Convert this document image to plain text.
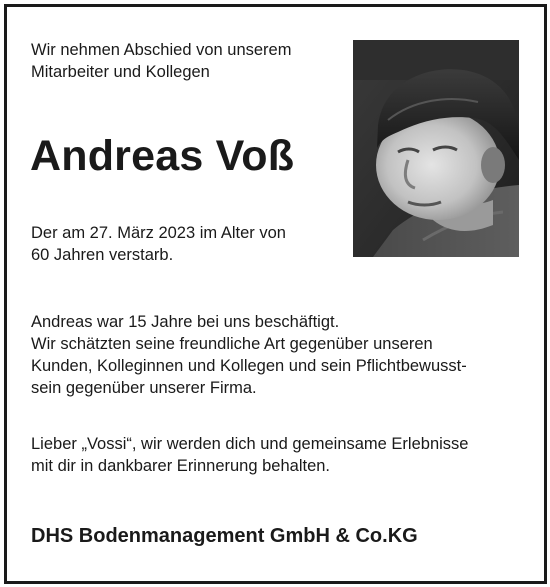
Wir nehmen Abschied von unserem
Mitarbeiter und Kollegen
Andreas Voß
Der am 27. März 2023 im Alter von
60 Jahren verstarb.
Andreas war 15 Jahre bei uns beschäftigt.
Wir schätzten seine freundliche Art gegenüber unseren
Kunden, Kolleginnen und Kollegen und sein Pflichtbewusst-
sein gegenüber unserer Firma.
Lieber „Vossi“, wir werden dich und gemeinsame Erlebnisse
mit dir in dankbarer Erinnerung behalten.
DHS Bodenmanagement GmbH & Co.KG
